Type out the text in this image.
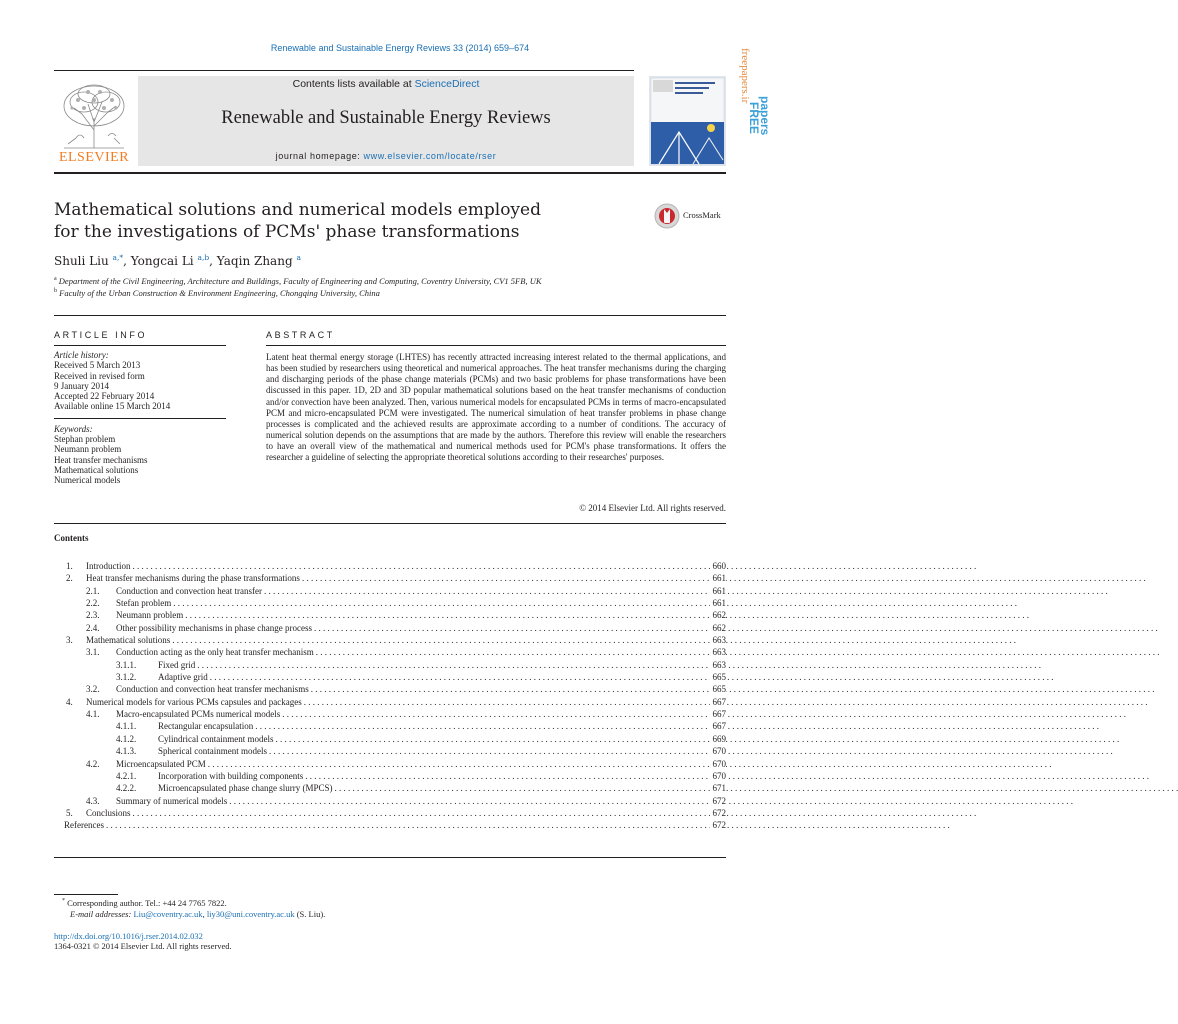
Renewable and Sustainable Energy Reviews 33 (2014) 659–674
ELSEVIER
Contents lists available at ScienceDirect
Renewable and Sustainable Energy Reviews
journal homepage: www.elsevier.com/locate/rser
freepapers.ir
FREE
papers
Mathematical solutions and numerical models employed
for the investigations of PCMs' phase transformations
CrossMark
Shuli Liu $^{a,*}$, Yongcai Li $^{a,b}$, Yaqin Zhang $^a$
$^a$ Department of the Civil Engineering, Architecture and Buildings, Faculty of Engineering and Computing, Coventry University, CV1 5FB, UK
$^b$ Faculty of the Urban Construction & Environment Engineering, Chongqing University, China
ARTICLE INFO
Article history:
Received 5 March 2013
Received in revised form
9 January 2014
Accepted 22 February 2014
Available online 15 March 2014
Keywords:
Stephan problem
Neumann problem
Heat transfer mechanisms
Mathematical solutions
Numerical models
ABSTRACT
Latent heat thermal energy storage (LHTES) has recently attracted increasing interest related to the thermal applications, and has been studied by researchers using theoretical and numerical approaches. The heat transfer mechanisms during the charging and discharging periods of the phase change materials (PCMs) and two basic problems for phase transformations have been discussed in this paper. 1D, 2D and 3D popular mathematical solutions based on the heat transfer mechanisms of conduction and/or convection have been analyzed. Then, various numerical models for encapsulated PCMs in terms of macro-encapsulated PCM and micro-encapsulated PCM were investigated. The numerical simulation of heat transfer problems in phase change processes is complicated and the achieved results are approximate according to a number of conditions. The accuracy of numerical solution depends on the assumptions that are made by the authors. Therefore this review will enable the researchers to have an overall view of the mathematical and numerical methods used for PCM's phase transformations. It offers the researcher a guideline of selecting the appropriate theoretical solutions according to their researches' purposes.
© 2014 Elsevier Ltd. All rights reserved.
Contents
1. Introduction	660
. . .
2. Heat transfer mechanisms during the phase transformations	661
. . .
2.1. Conduction and convection heat transfer	661
. . .
2.2. Stefan problem	661
. . .
2.3. Neumann problem	662
. . .
2.4. Other possibility mechanisms in phase change process	662
. . .
3. Mathematical solutions	663
. . .
3.1. Conduction acting as the only heat transfer mechanism	663
. . .
3.1.1. Fixed grid	663
. . .
3.1.2. Adaptive grid	665
. . .
3.2. Conduction and convection heat transfer mechanisms	665
. . .
4. Numerical models for various PCMs capsules and packages	667
. . .
4.1. Macro-encapsulated PCMs numerical models	667
. . .
4.1.1. Rectangular encapsulation	667
. . .
4.1.2. Cylindrical containment models	669
. . .
4.1.3. Spherical containment models	670
. . .
4.2. Microencapsulated PCM	670
. . .
4.2.1. Incorporation with building components	670
. . .
4.2.2. Microencapsulated phase change slurry (MPCS)	671
. . .
4.3. Summary of numerical models	672
. . .
5. Conclusions	672
. . .
References	672
. . .
* Corresponding author. Tel.: +44 24 7765 7822.
E-mail addresses: Liu@coventry.ac.uk, liy30@uni.coventry.ac.uk (S. Liu).
http://dx.doi.org/10.1016/j.rser.2014.02.032
1364-0321 © 2014 Elsevier Ltd. All rights reserved.
